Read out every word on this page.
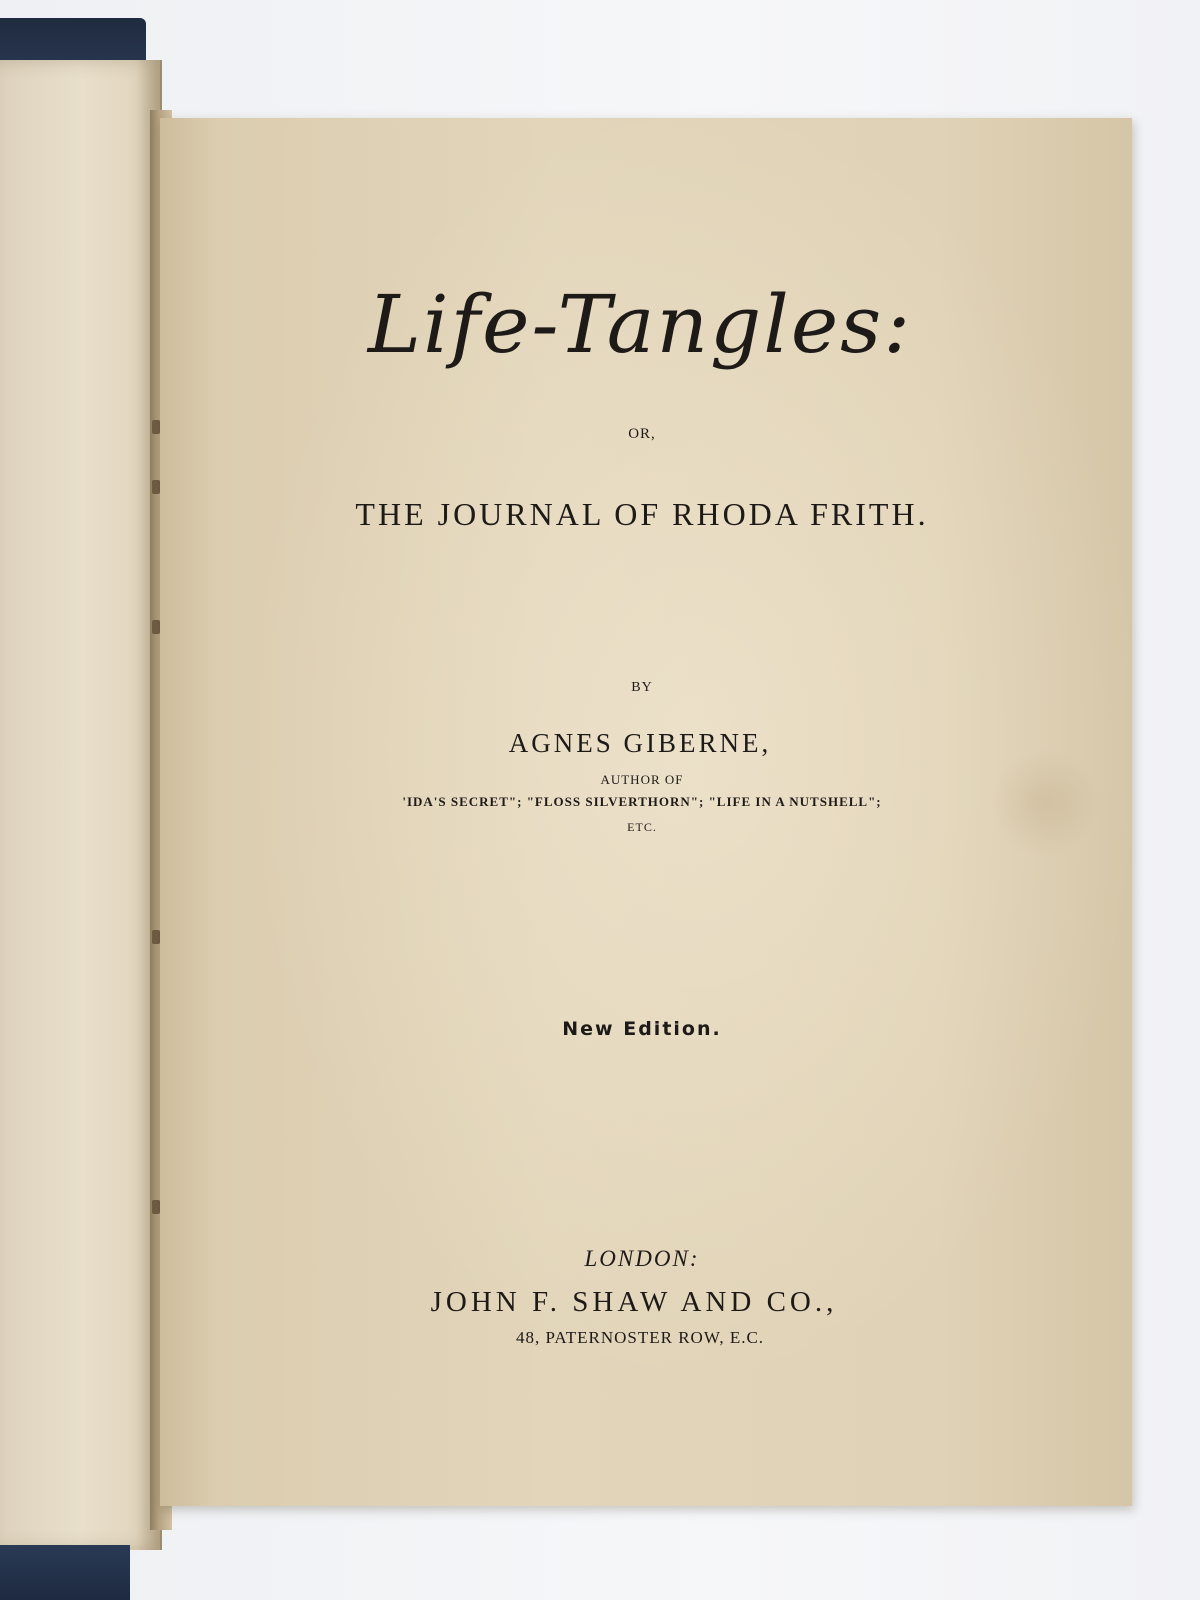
Life-Tangles:
OR,
THE JOURNAL OF RHODA FRITH.
BY
AGNES GIBERNE,
AUTHOR OF
'IDA'S SECRET"; "FLOSS SILVERTHORN"; "LIFE IN A NUTSHELL";
ETC.
New Edition.
LONDON:
JOHN F. SHAW AND CO.,
48, PATERNOSTER ROW, E.C.
